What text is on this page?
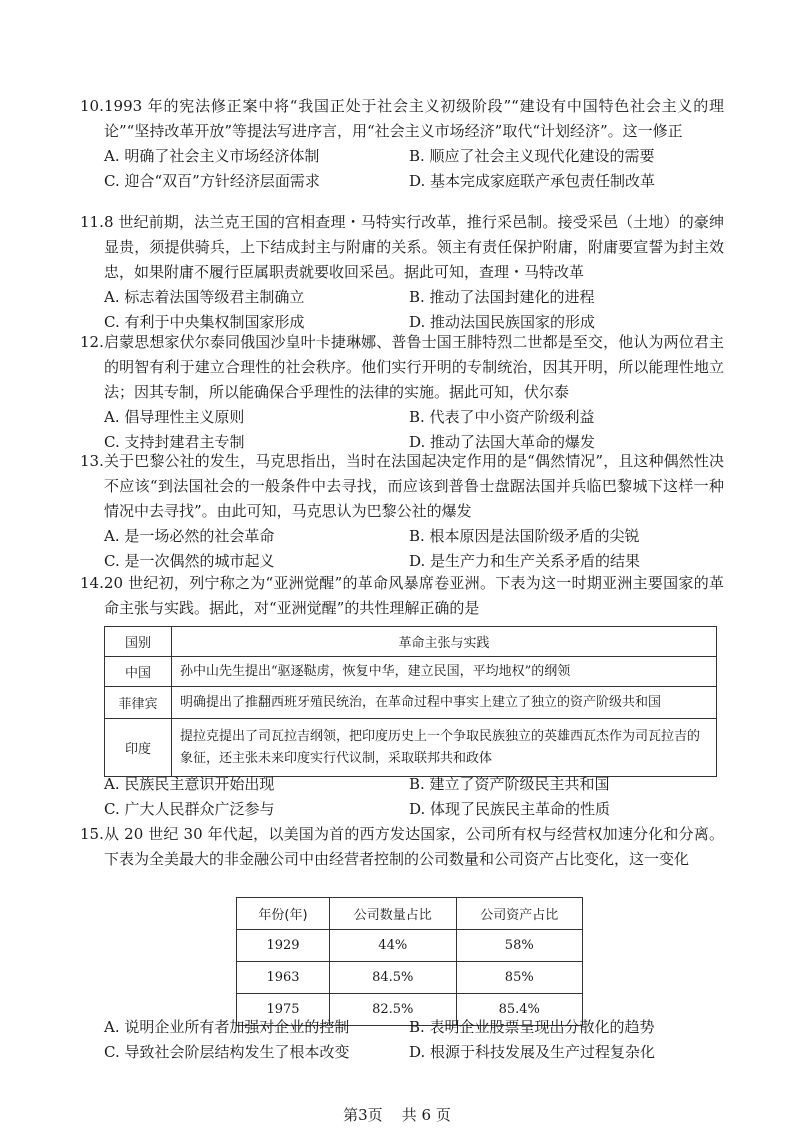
10. 1993 年的宪法修正案中将“我国正处于社会主义初级阶段”“建设有中国特色社会主义的理论”“坚持改革开放”等提法写进序言，用“社会主义市场经济”取代“计划经济”。这一修正
A. 明确了社会主义市场经济体制	B. 顺应了社会主义现代化建设的需要
C. 迎合“双百”方针经济层面需求	D. 基本完成家庭联产承包责任制改革
11. 8 世纪前期，法兰克王国的宫相查理・马特实行改革，推行采邑制。接受采邑（土地）的豪绅显贵，须提供骑兵，上下结成封主与附庸的关系。领主有责任保护附庸，附庸要宣誓为封主效忠，如果附庸不履行臣属职责就要收回采邑。据此可知，查理・马特改革
A. 标志着法国等级君主制确立	B. 推动了法国封建化的进程
C. 有利于中央集权制国家形成	D. 推动法国民族国家的形成
12. 启蒙思想家伏尔泰同俄国沙皇叶卡捷琳娜、普鲁士国王腓特烈二世都是至交，他认为两位君主的明智有利于建立合理性的社会秩序。他们实行开明的专制统治，因其开明，所以能理性地立法；因其专制，所以能确保合乎理性的法律的实施。据此可知，伏尔泰
A. 倡导理性主义原则	B. 代表了中小资产阶级利益
C. 支持封建君主专制	D. 推动了法国大革命的爆发
13. 关于巴黎公社的发生，马克思指出，当时在法国起决定作用的是“偶然情况”，且这种偶然性决不应该“到法国社会的一般条件中去寻找，而应该到普鲁士盘踞法国并兵临巴黎城下这样一种情况中去寻找”。由此可知，马克思认为巴黎公社的爆发
A. 是一场必然的社会革命	B. 根本原因是法国阶级矛盾的尖锐
C. 是一次偶然的城市起义	D. 是生产力和生产关系矛盾的结果
14. 20 世纪初，列宁称之为“亚洲觉醒”的革命风暴席卷亚洲。下表为这一时期亚洲主要国家的革命主张与实践。据此，对“亚洲觉醒”的共性理解正确的是
国别	革命主张与实践
中国	孙中山先生提出“驱逐鞑虏，恢复中华，建立民国，平均地权”的纲领
菲律宾	明确提出了推翻西班牙殖民统治，在革命过程中事实上建立了独立的资产阶级共和国
印度	提拉克提出了司瓦拉吉纲领，把印度历史上一个争取民族独立的英雄西瓦杰作为司瓦拉吉的象征，还主张未来印度实行代议制，采取联邦共和政体
A. 民族民主意识开始出现	B. 建立了资产阶级民主共和国
C. 广大人民群众广泛参与	D. 体现了民族民主革命的性质
15. 从 20 世纪 30 年代起，以美国为首的西方发达国家，公司所有权与经营权加速分化和分离。下表为全美最大的非金融公司中由经营者控制的公司数量和公司资产占比变化，这一变化
年份(年)	公司数量占比	公司资产占比
1929	44%	58%
1963	84.5%	85%
1975	82.5%	85.4%
A. 说明企业所有者加强对企业的控制	B. 表明企业股票呈现出分散化的趋势
C. 导致社会阶层结构发生了根本改变	D. 根源于科技发展及生产过程复杂化
第3页    共 6 页
